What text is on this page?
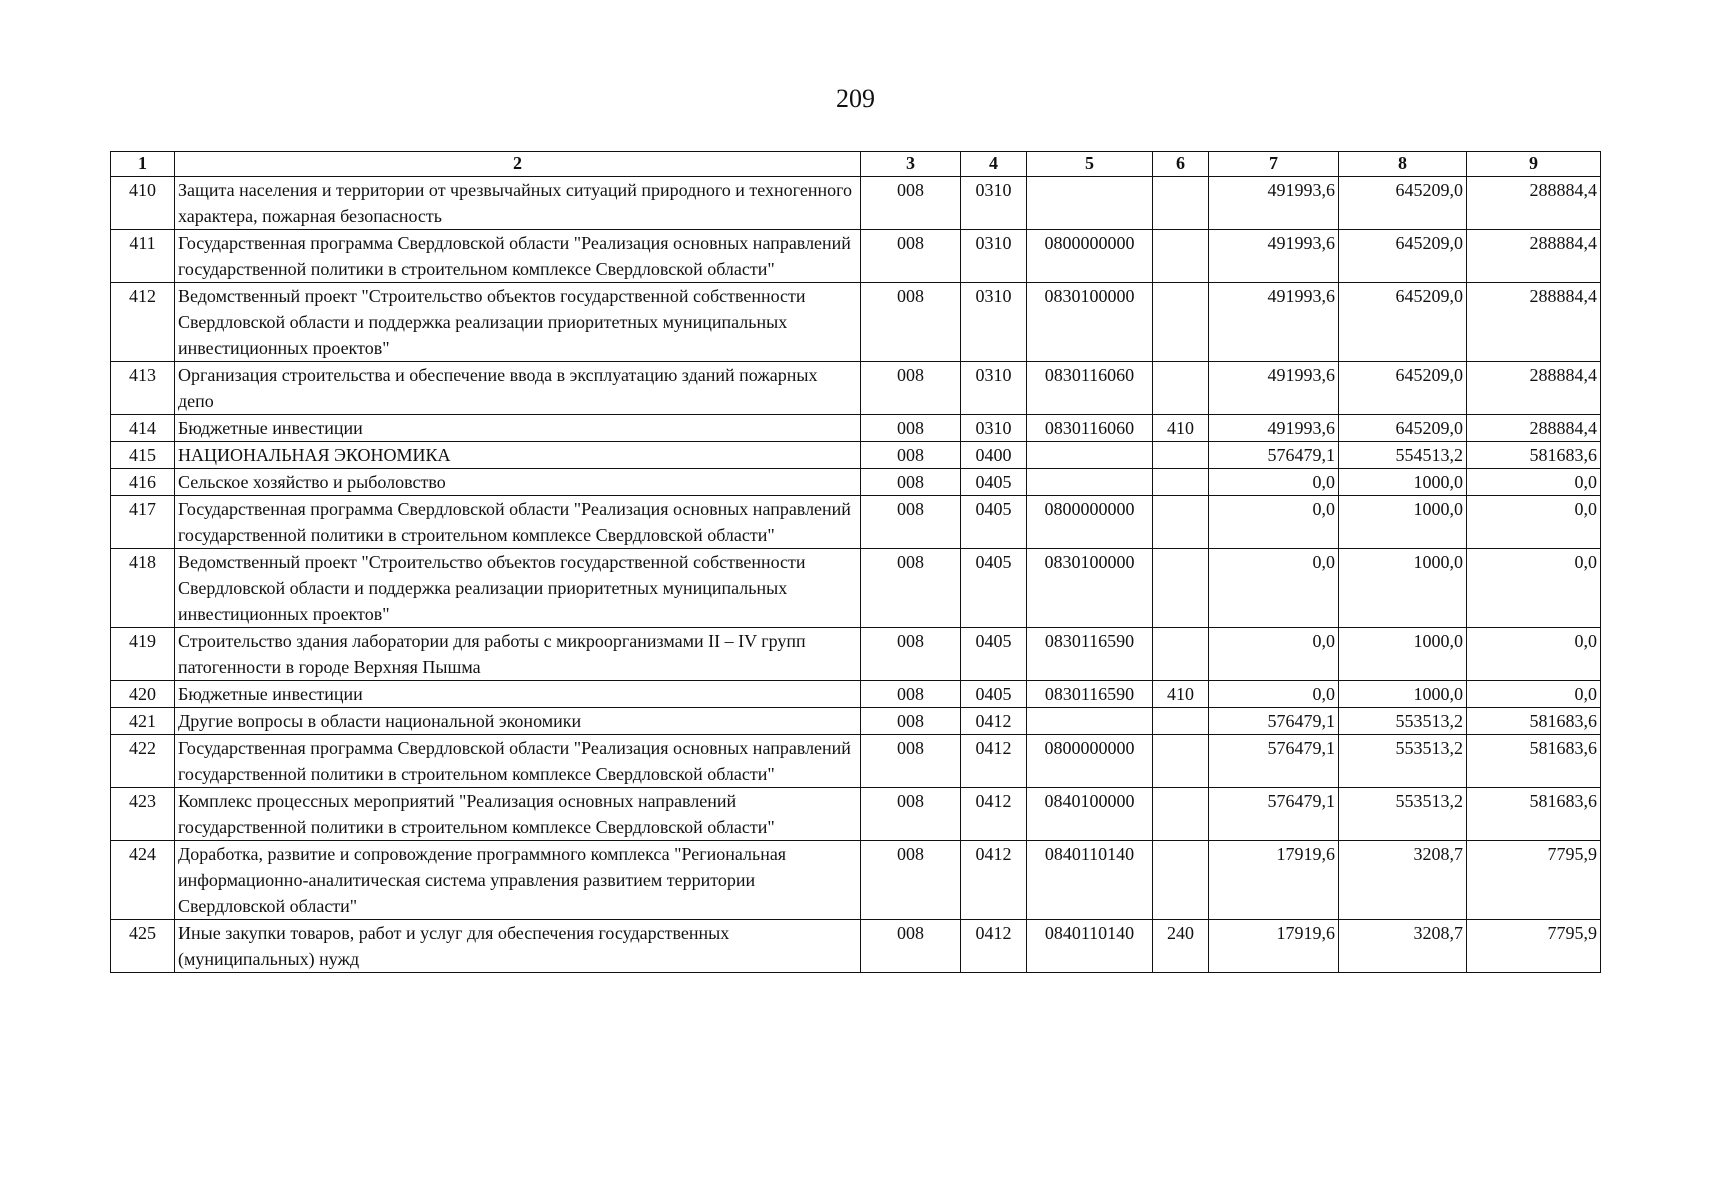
209
1	2	3	4	5	6	7	8	9
410	Защита населения и территории от чрезвычайных ситуаций природного и техногенного характера, пожарная безопасность	008	0310			491993,6	645209,0	288884,4
411	Государственная программа Свердловской области "Реализация основных направлений государственной политики в строительном комплексе Свердловской области"	008	0310	0800000000		491993,6	645209,0	288884,4
412	Ведомственный проект "Строительство объектов государственной собственности Свердловской области и поддержка реализации приоритетных муниципальных инвестиционных проектов"	008	0310	0830100000		491993,6	645209,0	288884,4
413	Организация строительства и обеспечение ввода в эксплуатацию зданий пожарных депо	008	0310	0830116060		491993,6	645209,0	288884,4
414	Бюджетные инвестиции	008	0310	0830116060	410	491993,6	645209,0	288884,4
415	НАЦИОНАЛЬНАЯ ЭКОНОМИКА	008	0400			576479,1	554513,2	581683,6
416	Сельское хозяйство и рыболовство	008	0405			0,0	1000,0	0,0
417	Государственная программа Свердловской области "Реализация основных направлений государственной политики в строительном комплексе Свердловской области"	008	0405	0800000000		0,0	1000,0	0,0
418	Ведомственный проект "Строительство объектов государственной собственности Свердловской области и поддержка реализации приоритетных муниципальных инвестиционных проектов"	008	0405	0830100000		0,0	1000,0	0,0
419	Строительство здания лаборатории для работы с микроорганизмами II – IV групп патогенности в городе Верхняя Пышма	008	0405	0830116590		0,0	1000,0	0,0
420	Бюджетные инвестиции	008	0405	0830116590	410	0,0	1000,0	0,0
421	Другие вопросы в области национальной экономики	008	0412			576479,1	553513,2	581683,6
422	Государственная программа Свердловской области "Реализация основных направлений государственной политики в строительном комплексе Свердловской области"	008	0412	0800000000		576479,1	553513,2	581683,6
423	Комплекс процессных мероприятий "Реализация основных направлений государственной политики в строительном комплексе Свердловской области"	008	0412	0840100000		576479,1	553513,2	581683,6
424	Доработка, развитие и сопровождение программного комплекса "Региональная информационно-аналитическая система управления развитием территории Свердловской области"	008	0412	0840110140		17919,6	3208,7	7795,9
425	Иные закупки товаров, работ и услуг для обеспечения государственных (муниципальных) нужд	008	0412	0840110140	240	17919,6	3208,7	7795,9
